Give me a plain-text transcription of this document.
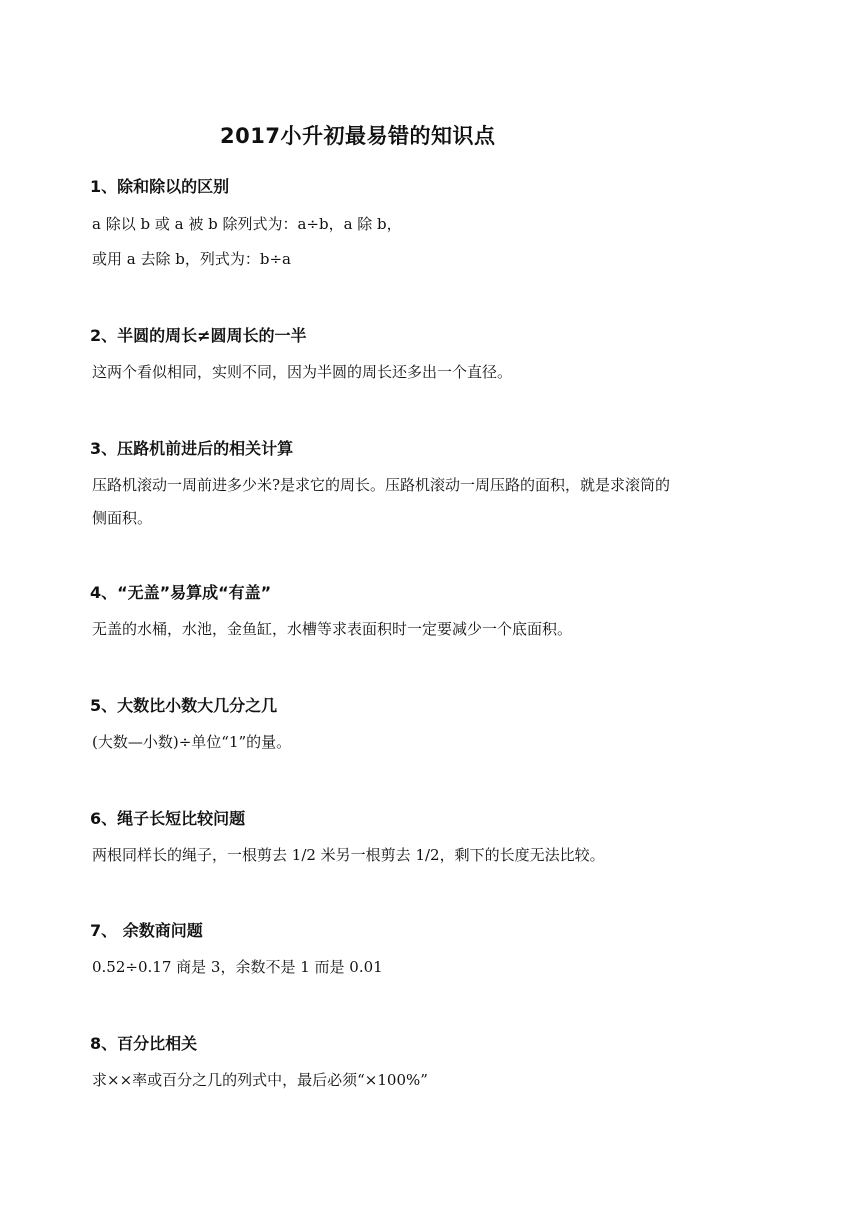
2017小升初最易错的知识点
1、除和除以的区别
a 除以 b 或 a 被 b 除列式为：a÷b，a 除 b，
或用 a 去除 b，列式为：b÷a
2、半圆的周长≠圆周长的一半
这两个看似相同，实则不同，因为半圆的周长还多出一个直径。
3、压路机前进后的相关计算
压路机滚动一周前进多少米?是求它的周长。压路机滚动一周压路的面积，就是求滚筒的
侧面积。
4、“无盖”易算成“有盖”
无盖的水桶，水池，金鱼缸，水槽等求表面积时一定要减少一个底面积。
5、大数比小数大几分之几
(大数—小数)÷单位“1”的量。
6、绳子长短比较问题
两根同样长的绳子，一根剪去 1/2 米另一根剪去 1/2，剩下的长度无法比较。
7、 余数商问题
0.52÷0.17 商是 3，余数不是 1 而是 0.01
8、百分比相关
求××率或百分之几的列式中，最后必须“×100%”
